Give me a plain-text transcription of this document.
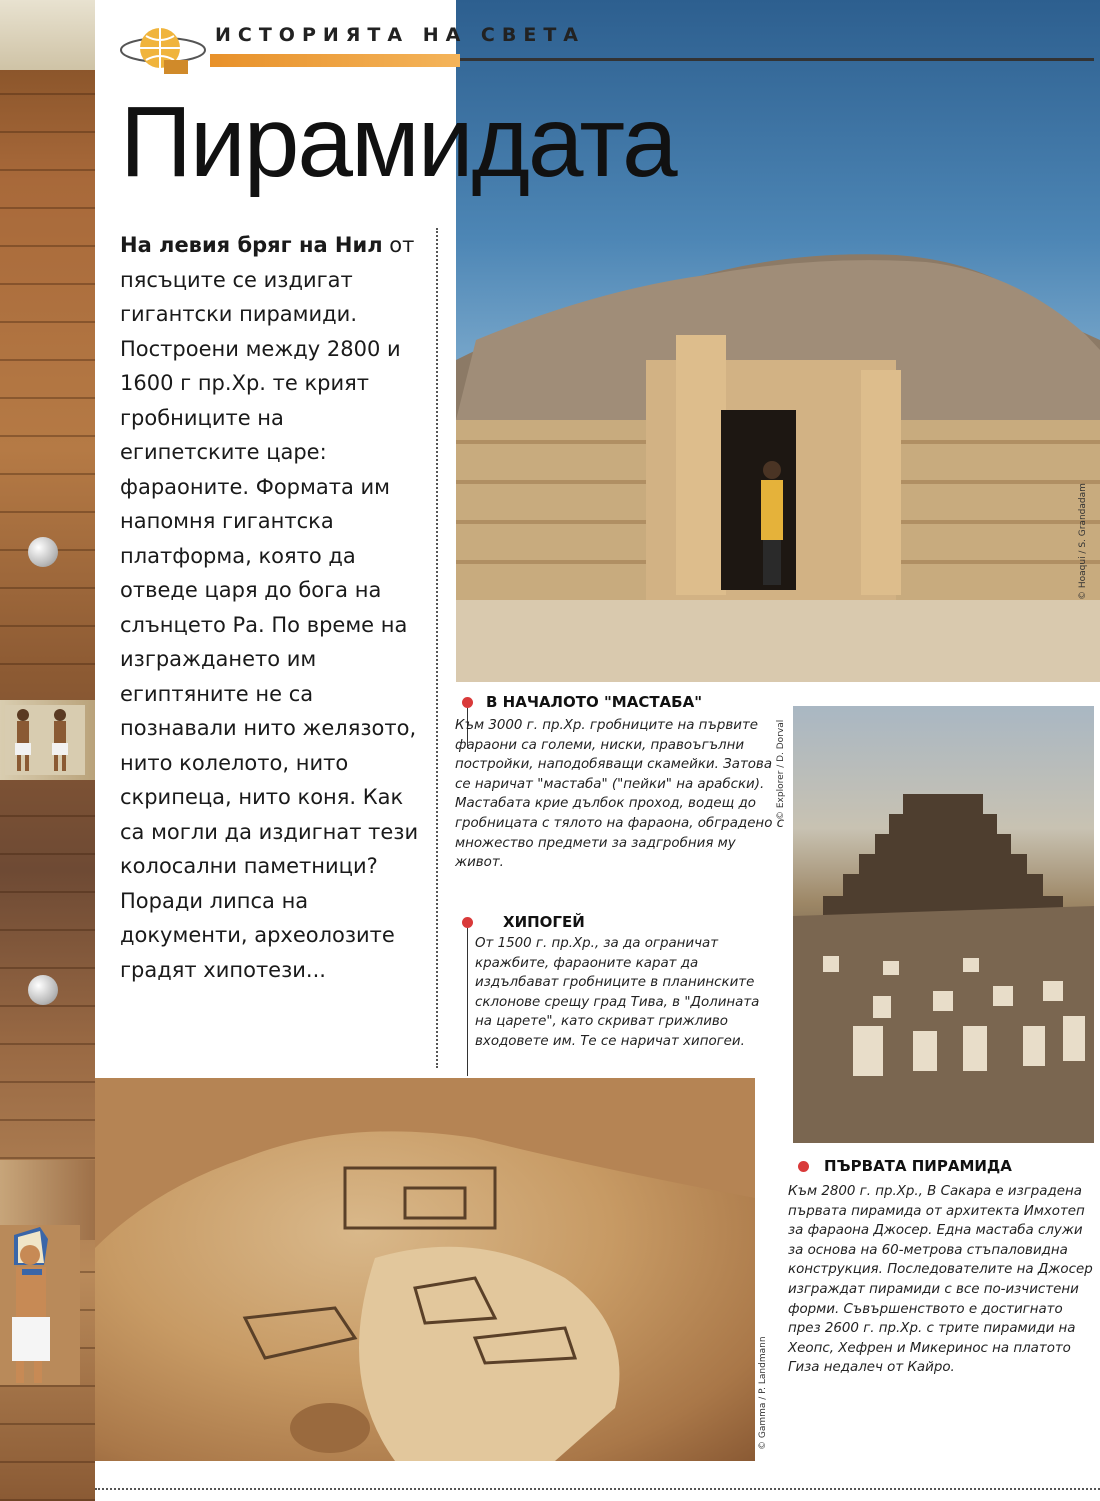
© Hoaqui / S. Grandadam
ИСТОРИЯТА НА СВЕТА
Пирамидата
На левия бряг на Нил от пясъците се издигат гигантски пирамиди. Построени между 2800 и 1600 г пр.Хр. те крият гробниците на египетските царе: фараоните. Формата им напомня гигантска платформа, която да отведе царя до бога на слънцето Ра. По време на изграждането им египтяните не са познавали нито желязото, нито колелото, нито скрипеца, нито коня. Как са могли да издигнат тези колосални паметници? Поради липса на документи, археолозите градят хипотези...
В НАЧАЛОТО "МАСТАБА"
Към 3000 г. пр.Хр. гробниците на първите фараони са големи, ниски, правоъгълни постройки, наподобяващи скамейки. Затова се наричат "мастаба" ("пейки" на арабски). Мастабата крие дълбок проход, водещ до гробницата с тялото на фараона, обградено с множество предмети за задгробния му живот.
ХИПОГЕЙ
От 1500 г. пр.Хр., за да ограничат кражбите, фараоните карат да издълбават гробниците в планинските склонове срещу град Тива, в "Долината на царете", като скриват грижливо входовете им. Те се наричат хипогеи.
© Explorer / D. Dorval
ПЪРВАТА ПИРАМИДА
Към 2800 г. пр.Хр., В Сакара е изградена първата пирамида от архитекта Имхотеп за фараона Джосер. Една мастаба служи за основа на 60-метрова стъпаловидна конструкция. Последователите на Джосер изграждат пирамиди с все по-изчистени форми. Съвършенството е достигнато през 2600 г. пр.Хр. с трите пирамиди на Хеопс, Хефрен и Микеринос на платото Гиза недалеч от Кайро.
© Gamma / P. Landmann
